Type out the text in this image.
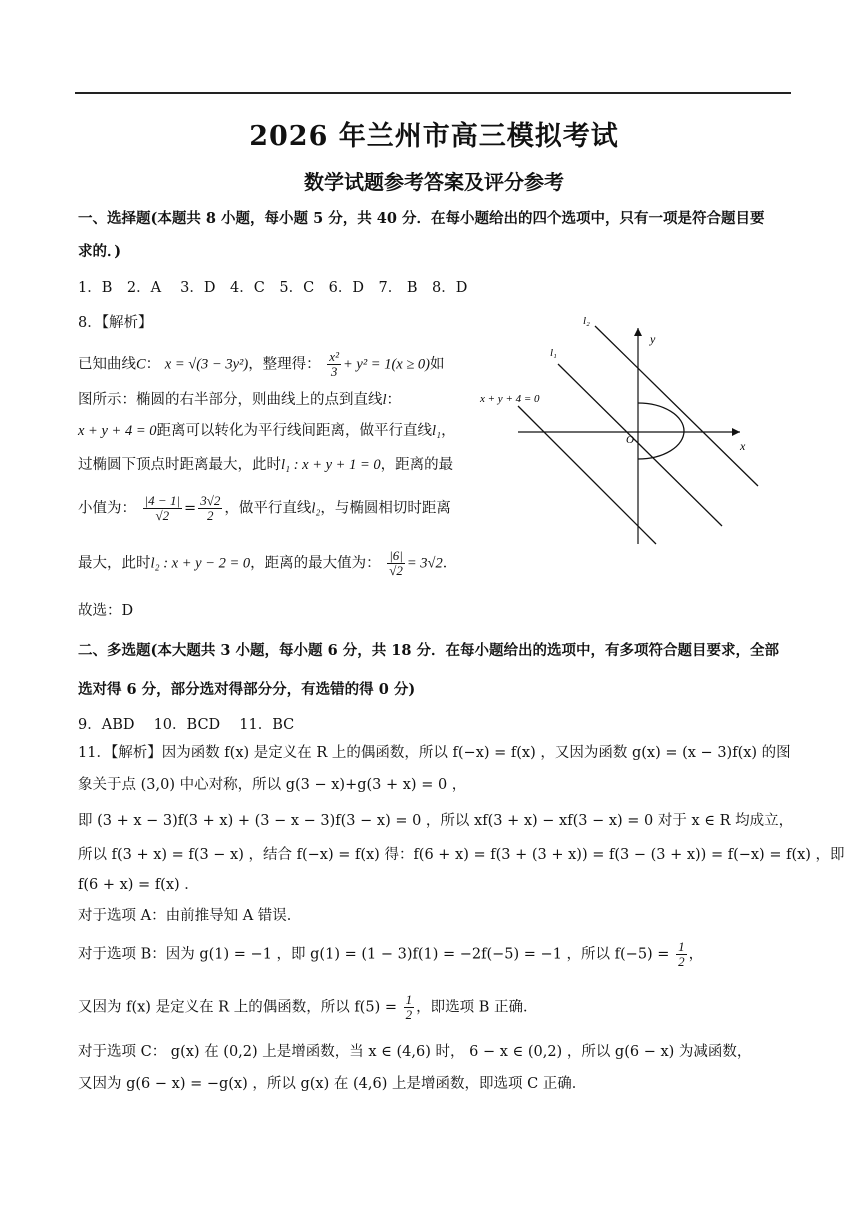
2026 年兰州市高三模拟考试
数学试题参考答案及评分参考
一、选择题(本题共 8 小题，每小题 5 分，共 40 分．在每小题给出的四个选项中，只有一项是符合题目要
求的．)
1．B　2．A　 3．D　4．C　5．C　6．D　7． B　8．D
8．【解析】
已知曲线C： x = √(3 − 3y²)，整理得： $\frac{\text{x²}}{3} + y^2 = 1(x \ge 0)$如
图所示：椭圆的右半部分，则曲线上的点到直线l：
x + y + 4 = 0距离可以转化为平行线间距离，做平行直线l₁，
过椭圆下顶点时距离最大，此时l₁ : x + y + 1 = 0，距离的最
小值为： $\frac{|4 - 1|}{√2} = \frac{3√2}{2}$ ，做平行直线l₂，与椭圆相切时距离
最大，此时l₂ : x + y − 2 = 0，距离的最大值为： $\frac{|6|}{√2} = 3√2$．
故选：D
l₂
l₁
y
x
O
x + y + 4 = 0
二、多选题(本大题共 3 小题，每小题 6 分，共 18 分．在每小题给出的选项中，有多项符合题目要求，全部
选对得 6 分，部分选对得部分分，有选错的得 0 分)
9．ABD　 10．BCD　 11．BC
11．【解析】因为函数 f(x) 是定义在 R 上的偶函数，所以 f(−x) = f(x) ，又因为函数 g(x) = (x − 3)f(x) 的图
象关于点 (3,0) 中心对称，所以 g(3 − x)+g(3 + x) = 0 ，
即 (3 + x − 3)f(3 + x) + (3 − x − 3)f(3 − x) = 0 ，所以 xf(3 + x) − xf(3 − x) = 0 对于 x ∈ R 均成立，
所以 f(3 + x) = f(3 − x) ，结合 f(−x) = f(x) 得：f(6 + x) = f(3 + (3 + x)) = f(3 − (3 + x)) = f(−x) = f(x) ，即
f(6 + x) = f(x) ．
对于选项 A：由前推导知 A 错误．
对于选项 B：因为 g(1) = −1 ，即 g(1) = (1 − 3)f(1) = −2f(−5) = −1 ，所以 $f(-5) = \frac{1}{2}$ ，
又因为 f(x) 是定义在 R 上的偶函数，所以 $f(5) = \frac{1}{2}$ ，即选项 B 正确．
对于选项 C： g(x) 在 (0,2) 上是增函数，当 x ∈ (4,6) 时， 6 − x ∈ (0,2) ，所以 g(6 − x) 为减函数，
又因为 g(6 − x) = −g(x) ，所以 g(x) 在 (4,6) 上是增函数，即选项 C 正确．
